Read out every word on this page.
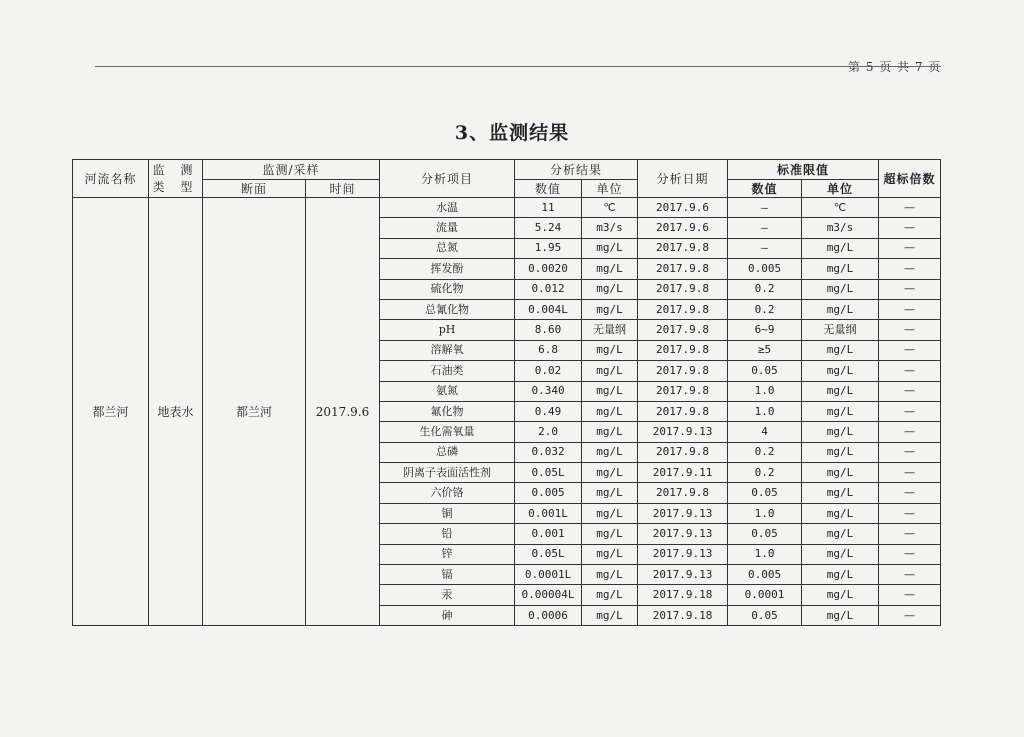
第 5 页 共 7 页
3、监测结果
河流名称	监 测
类 型	监测/采样		分析项目	分析结果		分析日期	标准限值		超标倍数
		断面	时间		数值	单位		数值	单位	
都兰河	地表水	都兰河	2017.9.6	水温	11	℃	2017.9.6	—	℃	—
				流量	5.24	m3/s	2017.9.6	—	m3/s	—
				总氮	1.95	mg/L	2017.9.8	—	mg/L	—
				挥发酚	0.0020	mg/L	2017.9.8	0.005	mg/L	—
				硫化物	0.012	mg/L	2017.9.8	0.2	mg/L	—
				总氰化物	0.004L	mg/L	2017.9.8	0.2	mg/L	—
				pH	8.60	无量纲	2017.9.8	6~9	无量纲	—
				溶解氧	6.8	mg/L	2017.9.8	≥5	mg/L	—
				石油类	0.02	mg/L	2017.9.8	0.05	mg/L	—
				氨氮	0.340	mg/L	2017.9.8	1.0	mg/L	—
				氟化物	0.49	mg/L	2017.9.8	1.0	mg/L	—
				生化需氧量	2.0	mg/L	2017.9.13	4	mg/L	—
				总磷	0.032	mg/L	2017.9.8	0.2	mg/L	—
				阴离子表面活性剂	0.05L	mg/L	2017.9.11	0.2	mg/L	—
				六价铬	0.005	mg/L	2017.9.8	0.05	mg/L	—
				铜	0.001L	mg/L	2017.9.13	1.0	mg/L	—
				铅	0.001	mg/L	2017.9.13	0.05	mg/L	—
				锌	0.05L	mg/L	2017.9.13	1.0	mg/L	—
				镉	0.0001L	mg/L	2017.9.13	0.005	mg/L	—
				汞	0.00004L	mg/L	2017.9.18	0.0001	mg/L	—
				砷	0.0006	mg/L	2017.9.18	0.05	mg/L	—
